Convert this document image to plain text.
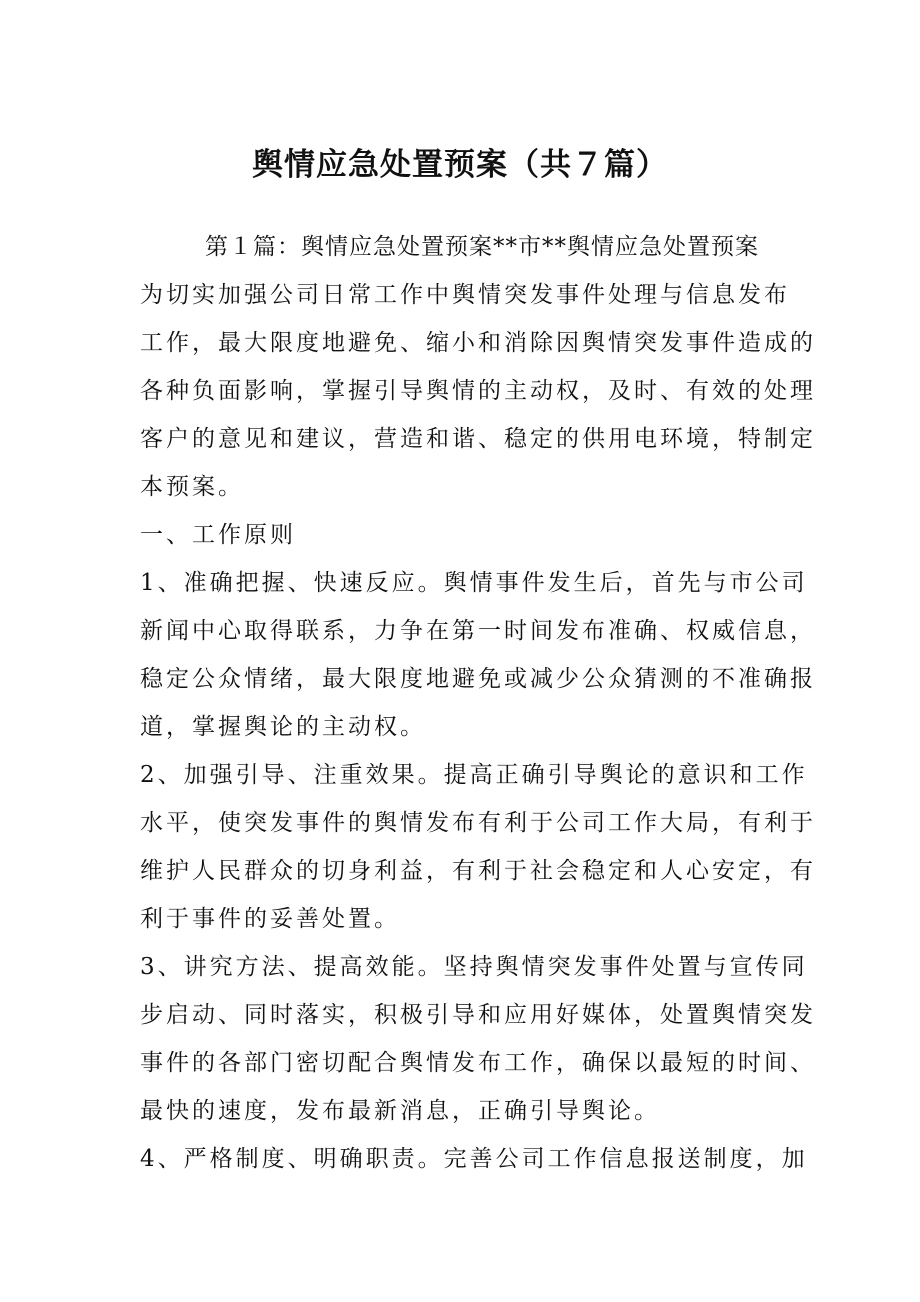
舆情应急处置预案（共７篇）
第１篇：舆情应急处置预案**市**舆情应急处置预案
为切实加强公司日常工作中舆情突发事件处理与信息发布
工作，最大限度地避免、缩小和消除因舆情突发事件造成的
各种负面影响，掌握引导舆情的主动权，及时、有效的处理
客户的意见和建议，营造和谐、稳定的供用电环境，特制定
本预案。
一、工作原则
1、准确把握、快速反应。舆情事件发生后，首先与市公司
新闻中心取得联系，力争在第一时间发布准确、权威信息，
稳定公众情绪，最大限度地避免或减少公众猜测的不准确报
道，掌握舆论的主动权。
2、加强引导、注重效果。提高正确引导舆论的意识和工作
水平，使突发事件的舆情发布有利于公司工作大局，有利于
维护人民群众的切身利益，有利于社会稳定和人心安定，有
利于事件的妥善处置。
3、讲究方法、提高效能。坚持舆情突发事件处置与宣传同
步启动、同时落实，积极引导和应用好媒体，处置舆情突发
事件的各部门密切配合舆情发布工作，确保以最短的时间、
最快的速度，发布最新消息，正确引导舆论。
4、严格制度、明确职责。完善公司工作信息报送制度，加
